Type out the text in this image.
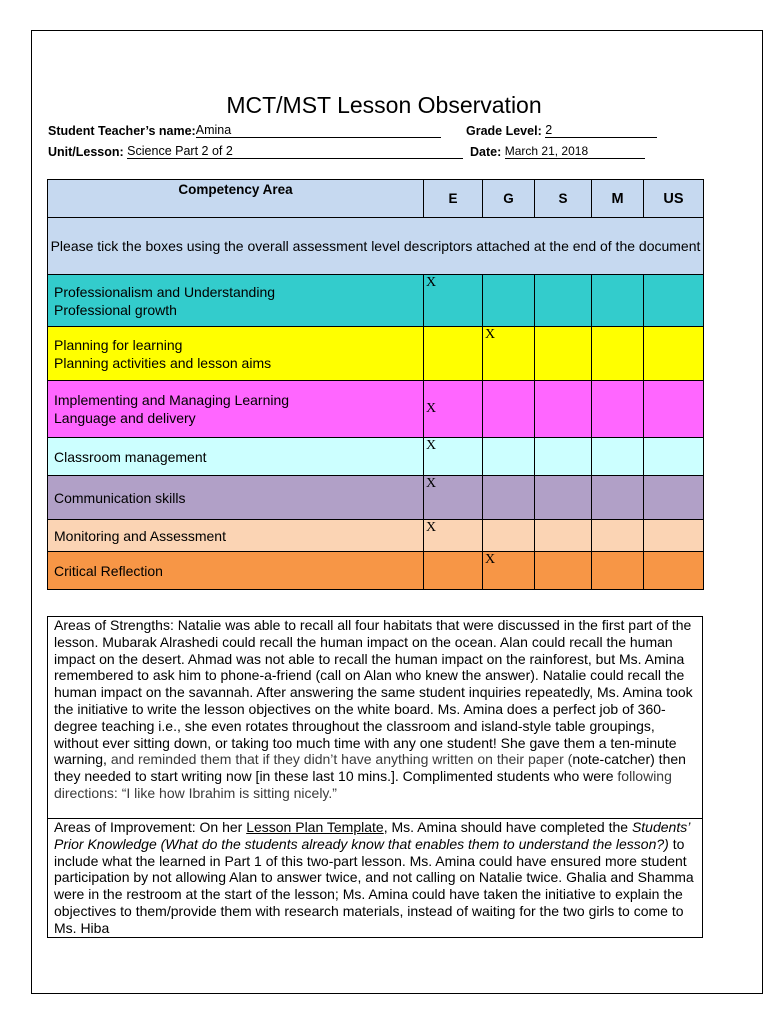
MCT/MST Lesson Observation
Student Teacher’s name:Amina	Grade Level: 2
Unit/Lesson: Science Part 2 of 2	Date: March 21, 2018
Competency Area	E	G	S	M	US
Please tick the boxes using the overall assessment level descriptors attached at the end of the document					
Professionalism and Understanding
Professional growth	X				
Planning for learning
Planning activities and lesson aims		X			
Implementing and Managing Learning
Language and delivery	X				
Classroom management	X				
Communication skills	X				
Monitoring and Assessment	X				
Critical Reflection		X			

Areas of Strengths: Natalie was able to recall all four habitats that were discussed in the first part of the lesson. Mubarak Alrashedi could recall the human impact on the ocean. Alan could recall the human impact on the desert. Ahmad was not able to recall the human impact on the rainforest, but Ms. Amina remembered to ask him to phone-a-friend (call on Alan who knew the answer). Natalie could recall the human impact on the savannah. After answering the same student inquiries repeatedly, Ms. Amina took the initiative to write the lesson objectives on the white board. Ms. Amina does a perfect job of 360-degree teaching i.e., she even rotates throughout the classroom and island-style table groupings, without ever sitting down, or taking too much time with any one student! She gave them a ten-minute warning, and reminded them that if they didn’t have anything written on their paper (note-catcher) then they needed to start writing now [in these last 10 mins.]. Complimented students who were following directions: “I like how Ibrahim is sitting nicely.”

Areas of Improvement: On her Lesson Plan Template, Ms. Amina should have completed the Students’ Prior Knowledge (What do the students already know that enables them to understand the lesson?) to include what the learned in Part 1 of this two-part lesson. Ms. Amina could have ensured more student participation by not allowing Alan to answer twice, and not calling on Natalie twice. Ghalia and Shamma were in the restroom at the start of the lesson; Ms. Amina could have taken the initiative to explain the objectives to them/provide them with research materials, instead of waiting for the two girls to come to Ms. Hiba
